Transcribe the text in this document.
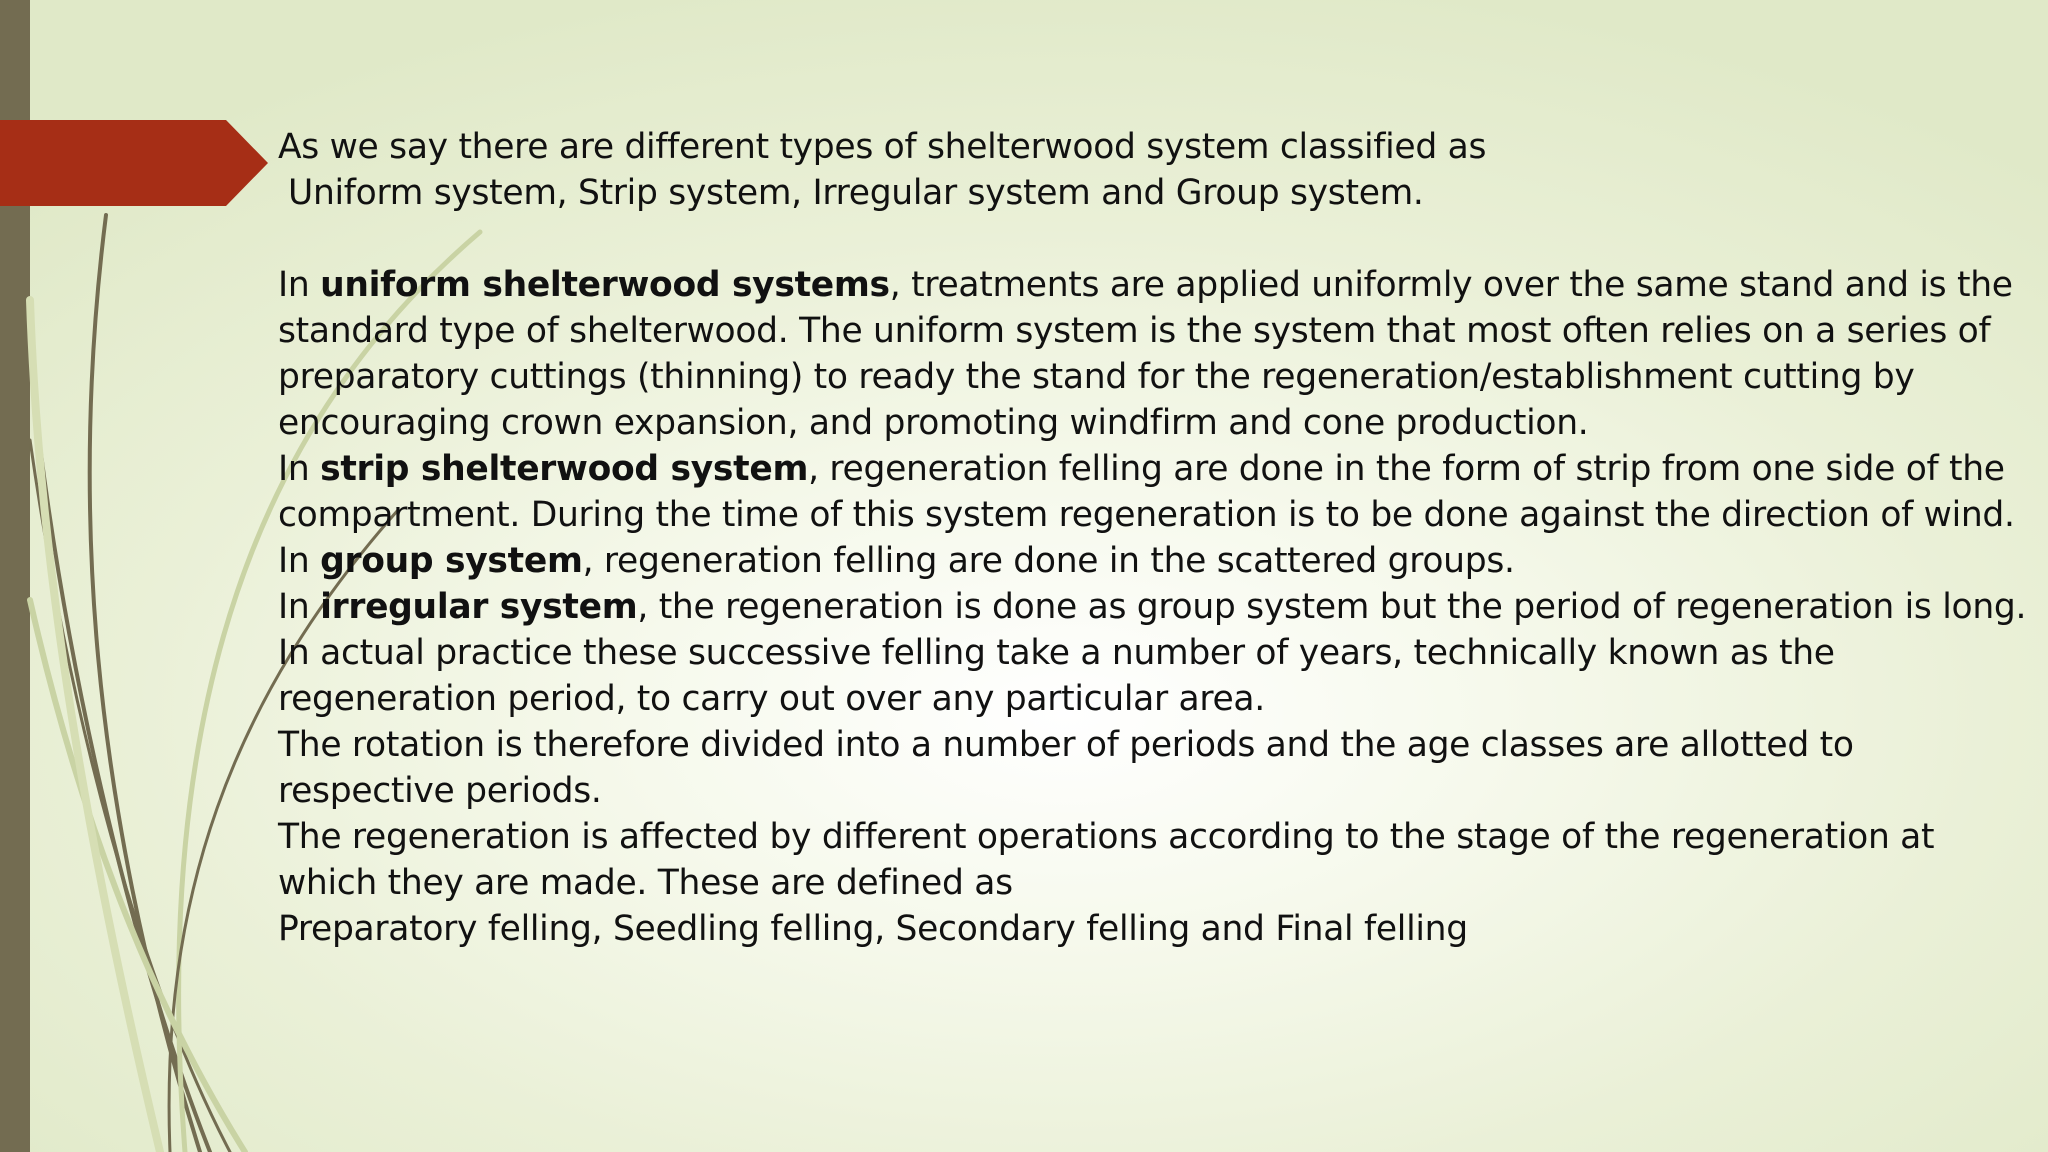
As we say there are different types of shelterwood system classified as

Uniform system, Strip system, Irregular system and Group system.

In uniform shelterwood systems, treatments are applied uniformly over the same stand and is the standard type of shelterwood. The uniform system is the system that most often relies on a series of preparatory cuttings (thinning) to ready the stand for the regeneration/establishment cutting by encouraging crown expansion, and promoting windfirm and cone production.

In strip shelterwood system, regeneration felling are done in the form of strip from one side of the compartment. During the time of this system regeneration is to be done against the direction of wind.

In group system, regeneration felling are done in the scattered groups.

In irregular system, the regeneration is done as group system but the period of regeneration is long.

In actual practice these successive felling take a number of years, technically known as the regeneration period, to carry out over any particular area.

The rotation is therefore divided into a number of periods and the age classes are allotted to respective periods.

The regeneration is affected by different operations according to the stage of the regeneration at which they are made. These are defined as

Preparatory felling, Seedling felling, Secondary felling and Final felling
